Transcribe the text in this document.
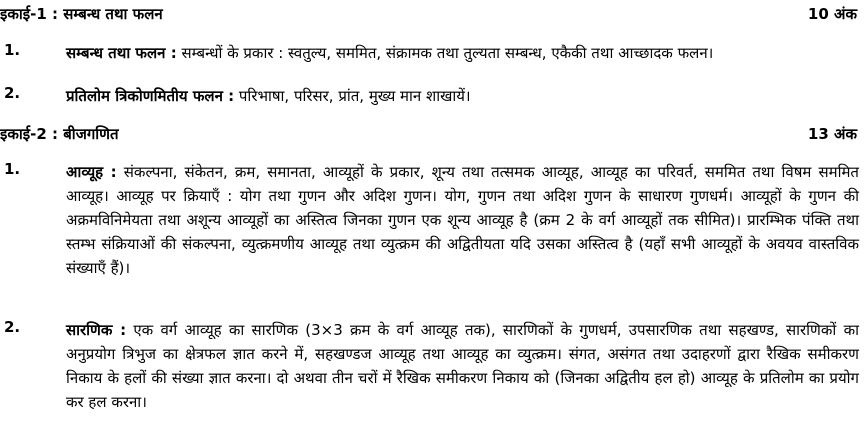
इकाई-1 : सम्बन्ध तथा फलन	10 अंक
1.	सम्बन्ध तथा फलन : सम्बन्धों के प्रकार : स्वतुल्य, सममित, संक्रामक तथा तुल्यता सम्बन्ध, एकैकी तथा आच्छादक फलन।
2.	प्रतिलोम त्रिकोणमितीय फलन : परिभाषा, परिसर, प्रांत, मुख्य मान शाखायें।
इकाई-2 : बीजगणित	13 अंक
1.	आव्यूह : संकल्पना, संकेतन, क्रम, समानता, आव्यूहों के प्रकार, शून्य तथा तत्समक आव्यूह, आव्यूह का परिवर्त, सममित तथा विषम सममित आव्यूह। आव्यूह पर क्रियाएँ : योग तथा गुणन और अदिश गुणन। योग, गुणन तथा अदिश गुणन के साधारण गुणधर्म। आव्यूहों के गुणन की अक्रमविनिमेयता तथा अशून्य आव्यूहों का अस्तित्व जिनका गुणन एक शून्य आव्यूह है (क्रम 2 के वर्ग आव्यूहों तक सीमित)। प्रारम्भिक पंक्ति तथा स्तम्भ संक्रियाओं की संकल्पना, व्युत्क्रमणीय आव्यूह तथा व्युत्क्रम की अद्वितीयता यदि उसका अस्तित्व है (यहाँ सभी आव्यूहों के अवयव वास्तविक संख्याएँ हैं)।
2.	सारणिक : एक वर्ग आव्यूह का सारणिक (3×3 क्रम के वर्ग आव्यूह तक), सारणिकों के गुणधर्म, उपसारणिक तथा सहखण्ड, सारणिकों का अनुप्रयोग त्रिभुज का क्षेत्रफल ज्ञात करने में, सहखण्डज आव्यूह तथा आव्यूह का व्युत्क्रम। संगत, असंगत तथा उदाहरणों द्वारा रैखिक समीकरण निकाय के हलों की संख्या ज्ञात करना। दो अथवा तीन चरों में रैखिक समीकरण निकाय को (जिनका अद्वितीय हल हो) आव्यूह के प्रतिलोम का प्रयोग कर हल करना।
